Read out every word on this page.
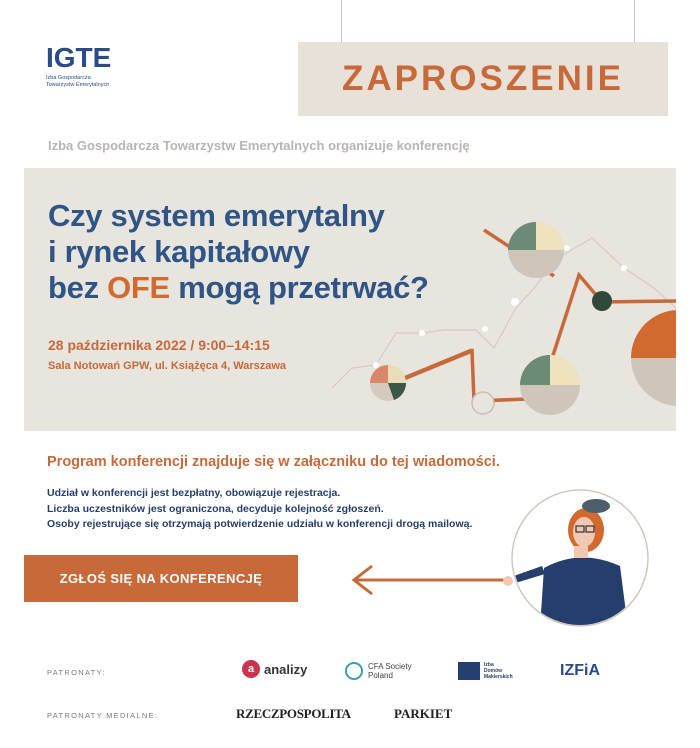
IGTE
Izba Gospodarcza
Towarzystw Emerytalnych	ZAPROSZENIE
Izba Gospodarcza Towarzystw Emerytalnych organizuje konferencję
Czy system emerytalny
i rynek kapitałowy
bez OFE mogą przetrwać?
28 października 2022 / 9:00–14:15
Sala Notowań GPW, ul. Książęca 4, Warszawa
Program konferencji znajduje się w załączniku do tej wiadomości.
Udział w konferencji jest bezpłatny, obowiązuje rejestracja.
Liczba uczestników jest ograniczona, decyduje kolejność zgłoszeń.
Osoby rejestrujące się otrzymają potwierdzenie udziału w konferencji drogą mailową.
ZGŁOŚ SIĘ NA KONFERENCJĘ
PATRONATY:
PATRONATY MEDIALNE:
a analizy	CFA Society
Poland
Izba
Domów
Maklerskich	IZFiA
RZECZPOSPOLITA	PARKIET
